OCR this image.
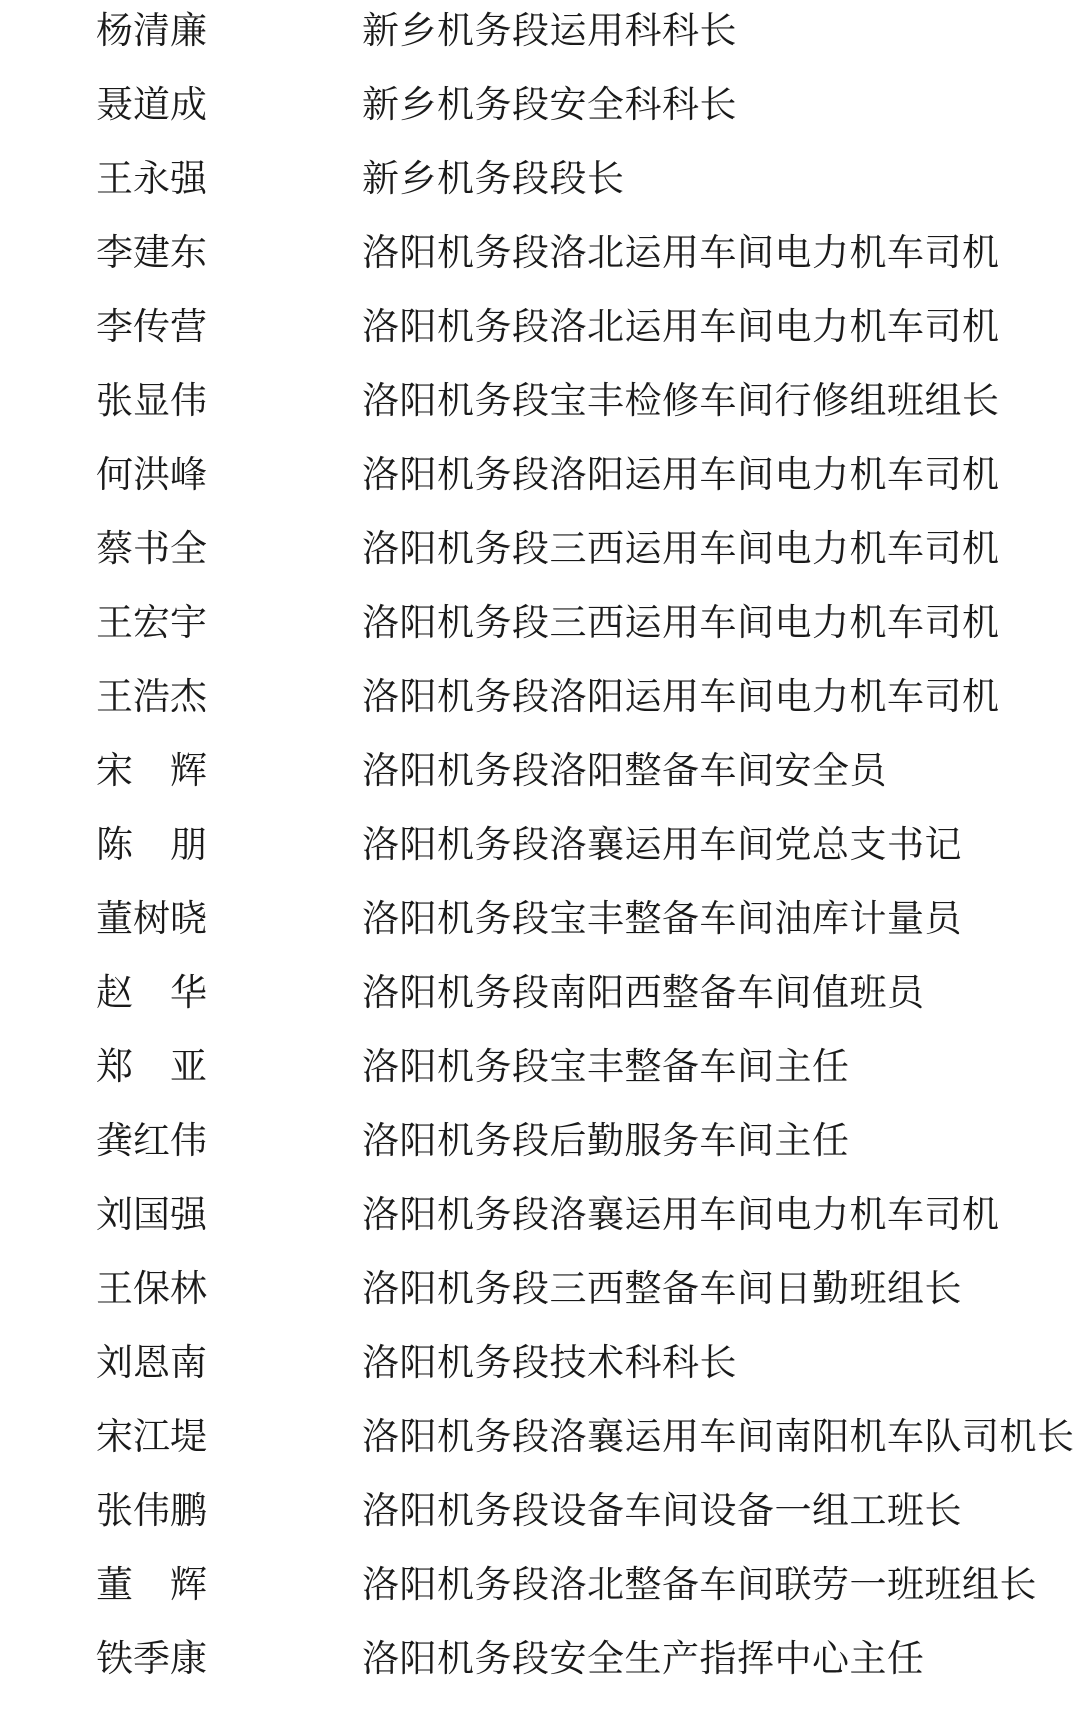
杨清廉	新乡机务段运用科科长
聂道成	新乡机务段安全科科长
王永强	新乡机务段段长
李建东	洛阳机务段洛北运用车间电力机车司机
李传营	洛阳机务段洛北运用车间电力机车司机
张显伟	洛阳机务段宝丰检修车间行修组班组长
何洪峰	洛阳机务段洛阳运用车间电力机车司机
蔡书全	洛阳机务段三西运用车间电力机车司机
王宏宇	洛阳机务段三西运用车间电力机车司机
王浩杰	洛阳机务段洛阳运用车间电力机车司机
宋辉	洛阳机务段洛阳整备车间安全员
陈朋	洛阳机务段洛襄运用车间党总支书记
董树晓	洛阳机务段宝丰整备车间油库计量员
赵华	洛阳机务段南阳西整备车间值班员
郑亚	洛阳机务段宝丰整备车间主任
龚红伟	洛阳机务段后勤服务车间主任
刘国强	洛阳机务段洛襄运用车间电力机车司机
王保林	洛阳机务段三西整备车间日勤班组长
刘恩南	洛阳机务段技术科科长
宋江堤	洛阳机务段洛襄运用车间南阳机车队司机长
张伟鹏	洛阳机务段设备车间设备一组工班长
董辉	洛阳机务段洛北整备车间联劳一班班组长
铁季康	洛阳机务段安全生产指挥中心主任
